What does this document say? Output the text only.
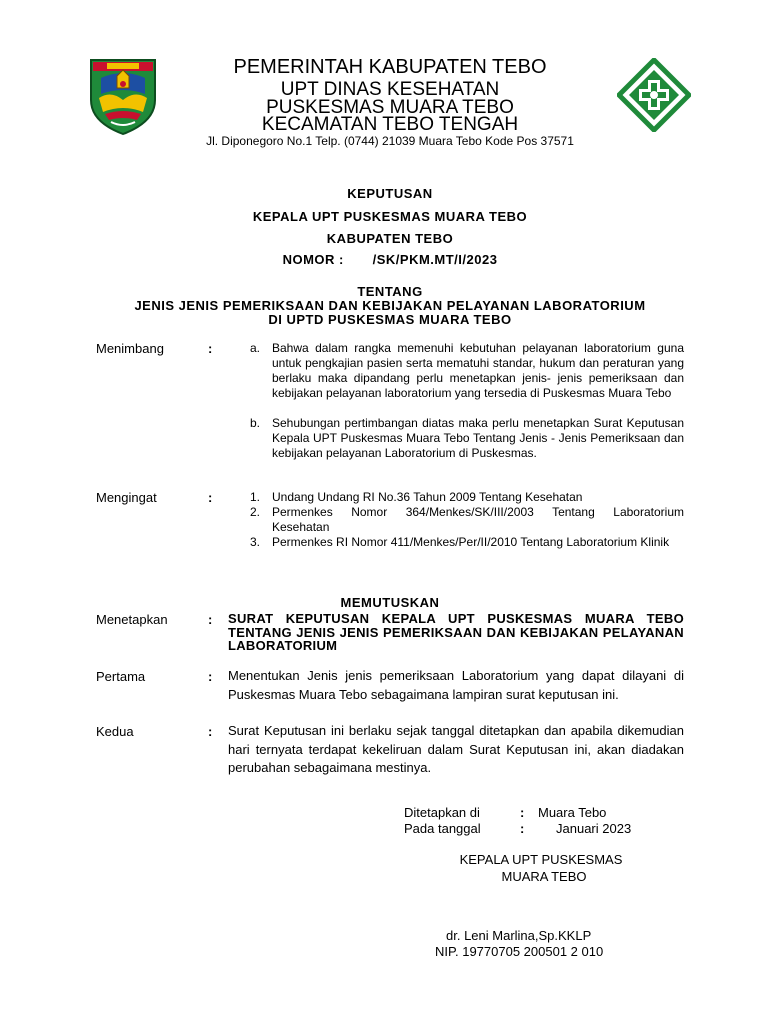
PEMERINTAH KABUPATEN TEBO
UPT DINAS KESEHATAN
PUSKESMAS MUARA TEBO
KECAMATAN TEBO TENGAH
Jl. Diponegoro No.1 Telp. (0744) 21039 Muara Tebo Kode Pos 37571
KEPUTUSAN
KEPALA UPT PUSKESMAS MUARA TEBO
KABUPATEN TEBO
NOMOR :       /SK/PKM.MT/I/2023
TENTANG
JENIS JENIS PEMERIKSAAN DAN KEBIJAKAN PELAYANAN LABORATORIUM
DI UPTD PUSKESMAS MUARA TEBO
Menimbang	:	a. Bahwa dalam rangka memenuhi kebutuhan pelayanan laboratorium guna untuk pengkajian pasien serta mematuhi standar, hukum dan peraturan yang berlaku maka dipandang perlu menetapkan jenis- jenis pemeriksaan dan kebijakan pelayanan laboratorium yang tersedia di Puskesmas Muara Tebo
b. Sehubungan pertimbangan diatas maka perlu menetapkan Surat Keputusan Kepala UPT Puskesmas Muara Tebo Tentang Jenis - Jenis Pemeriksaan dan kebijakan pelayanan Laboratorium di Puskesmas.
Mengingat	:	1. Undang Undang RI No.36 Tahun 2009 Tentang Kesehatan
2. Permenkes Nomor 364/Menkes/SK/III/2003 Tentang Laboratorium Kesehatan
3. Permenkes RI Nomor 411/Menkes/Per/II/2010 Tentang Laboratorium Klinik
MEMUTUSKAN
Menetapkan	: SURAT KEPUTUSAN KEPALA UPT PUSKESMAS MUARA TEBO TENTANG JENIS JENIS PEMERIKSAAN DAN KEBIJAKAN PELAYANAN LABORATORIUM
Pertama	: Menentukan Jenis jenis pemeriksaan Laboratorium yang dapat dilayani di Puskesmas Muara Tebo sebagaimana lampiran surat keputusan ini.
Kedua	: Surat Keputusan ini berlaku sejak tanggal ditetapkan dan apabila dikemudian hari ternyata terdapat kekeliruan dalam Surat Keputusan ini, akan diadakan perubahan sebagaimana mestinya.
Ditetapkan di	: Muara Tebo
Pada tanggal	: Januari 2023
KEPALA UPT PUSKESMAS
MUARA TEBO
dr. Leni Marlina,Sp.KKLP
NIP. 19770705 200501 2 010
